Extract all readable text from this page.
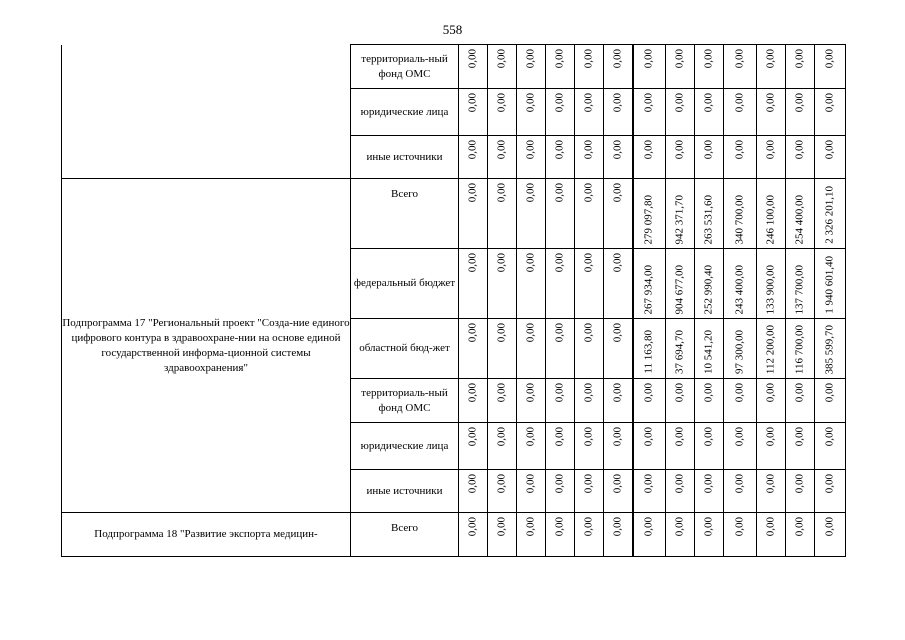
558
	территориаль-ный фонд ОМС	0,00	0,00	0,00	0,00	0,00	0,00	0,00	0,00	0,00	0,00	0,00	0,00	0,00

	юридические лица	0,00	0,00	0,00	0,00	0,00	0,00	0,00	0,00	0,00	0,00	0,00	0,00	0,00

	иные источники	0,00	0,00	0,00	0,00	0,00	0,00	0,00	0,00	0,00	0,00	0,00	0,00	0,00

Подпрограмма 17 "Региональный проект "Созда-ние единого цифрового контура в здравоохране-нии на основе единой государственной информа-ционной системы здравоохранения"	Всего	0,00	0,00	0,00	0,00	0,00	0,00	279 097,80	942 371,70	263 531,60	340 700,00	246 100,00	254 400,00	2 326 201,10

	федеральный бюджет	0,00	0,00	0,00	0,00	0,00	0,00	267 934,00	904 677,00	252 990,40	243 400,00	133 900,00	137 700,00	1 940 601,40

	областной бюд-жет	0,00	0,00	0,00	0,00	0,00	0,00	11 163,80	37 694,70	10 541,20	97 300,00	112 200,00	116 700,00	385 599,70

	территориаль-ный фонд ОМС	0,00	0,00	0,00	0,00	0,00	0,00	0,00	0,00	0,00	0,00	0,00	0,00	0,00

	юридические лица	0,00	0,00	0,00	0,00	0,00	0,00	0,00	0,00	0,00	0,00	0,00	0,00	0,00

	иные источники	0,00	0,00	0,00	0,00	0,00	0,00	0,00	0,00	0,00	0,00	0,00	0,00	0,00

Подпрограмма 18 "Развитие экспорта медицин-	Всего	0,00	0,00	0,00	0,00	0,00	0,00	0,00	0,00	0,00	0,00	0,00	0,00	0,00
